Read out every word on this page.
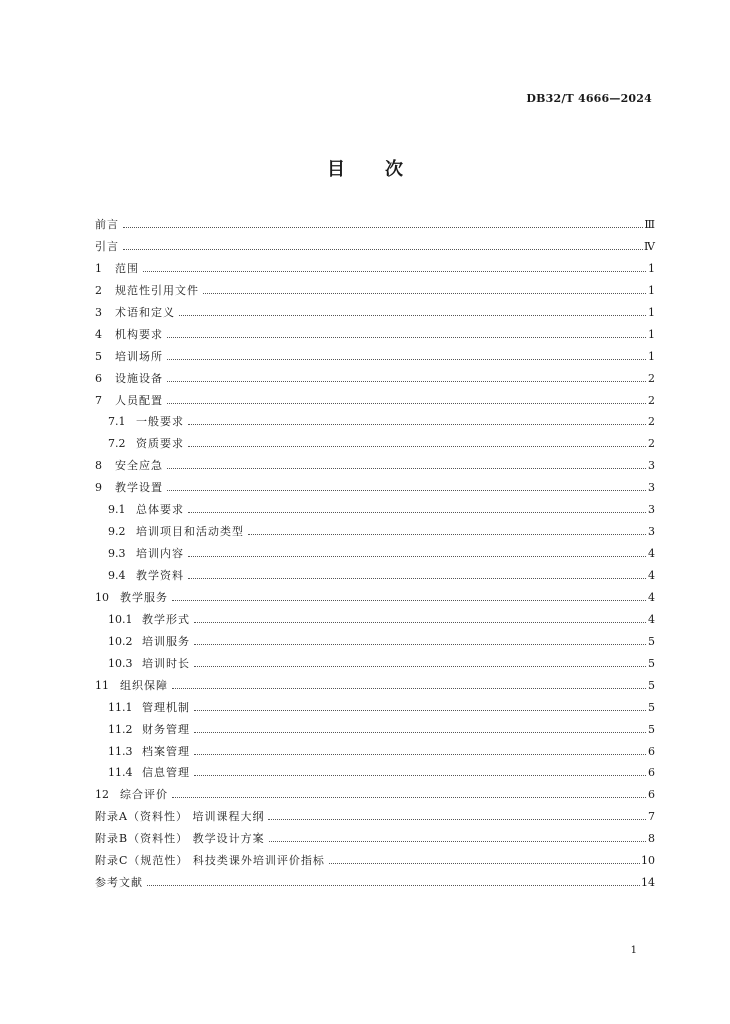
DB32/T 4666—2024
目 次
前言	Ⅲ
引言	Ⅳ
1	范围	1
2	规范性引用文件	1
3	术语和定义	1
4	机构要求	1
5	培训场所	1
6	设施设备	2
7	人员配置	2
7.1 一般要求	2
7.2 资质要求	2
8	安全应急	3
9	教学设置	3
9.1 总体要求	3
9.2 培训项目和活动类型	3
9.3 培训内容	4
9.4 教学资料	4
10	教学服务	4
10.1 教学形式	4
10.2 培训服务	5
10.3 培训时长	5
11	组织保障	5
11.1 管理机制	5
11.2 财务管理	5
11.3 档案管理	6
11.4 信息管理	6
12	综合评价	6
附录A（资料性） 培训课程大纲	7
附录B（资料性） 教学设计方案	8
附录C（规范性） 科技类课外培训评价指标	10
参考文献	14
1
